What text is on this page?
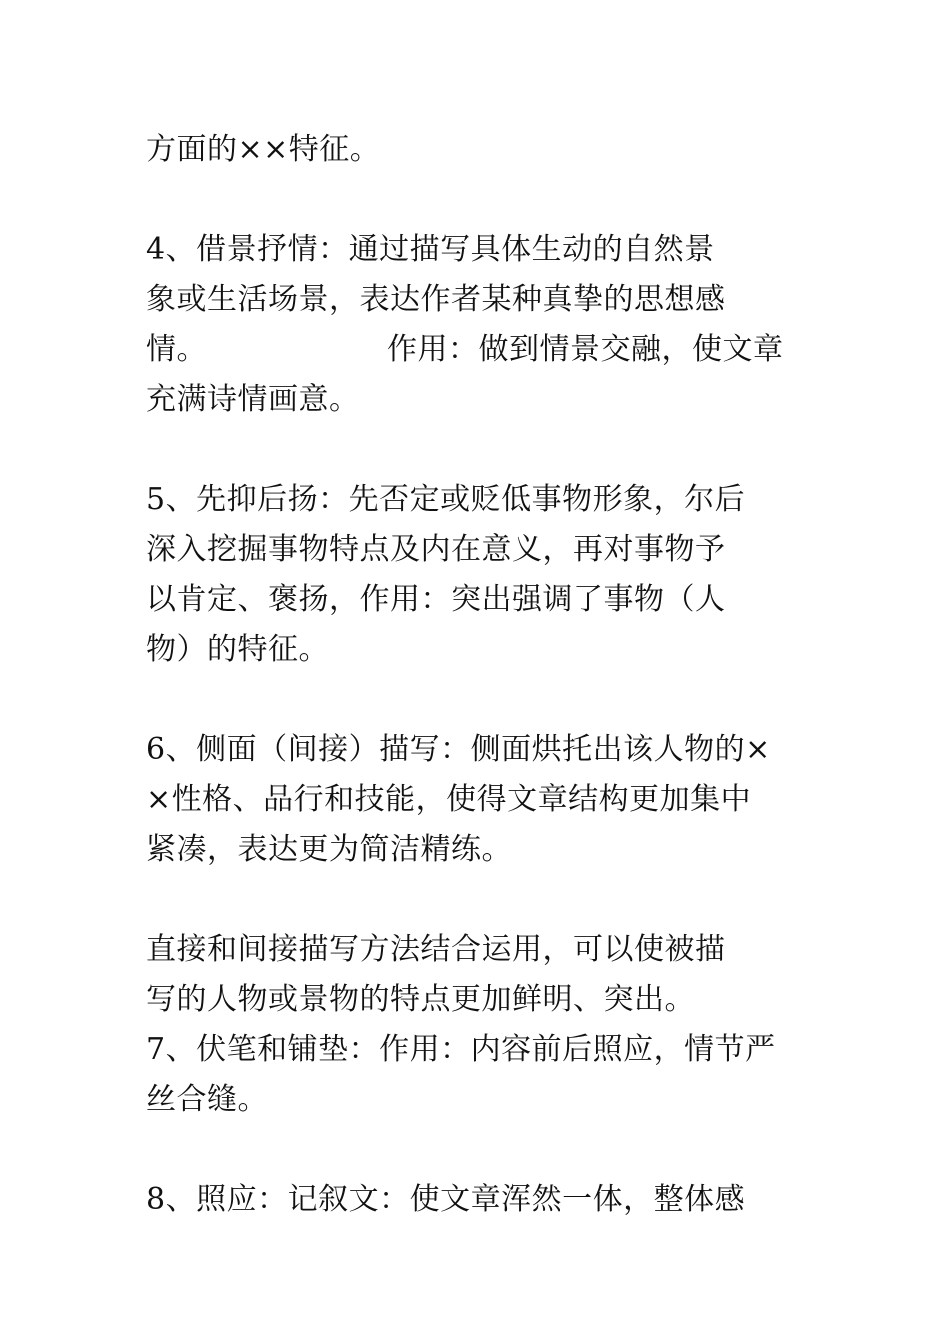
方面的××特征。
4、借景抒情：通过描写具体生动的自然景
象或生活场景，表达作者某种真挚的思想感
情。	作用：做到情景交融，使文章
充满诗情画意。
5、先抑后扬：先否定或贬低事物形象，尔后
深入挖掘事物特点及内在意义，再对事物予
以肯定、褒扬，作用：突出强调了事物（人
物）的特征。
6、侧面（间接）描写：侧面烘托出该人物的×
×性格、品行和技能，使得文章结构更加集中
紧凑，表达更为简洁精练。
直接和间接描写方法结合运用，可以使被描
写的人物或景物的特点更加鲜明、突出。
7、伏笔和铺垫：作用：内容前后照应，情节严
丝合缝。
8、照应：记叙文：使文章浑然一体，整体感
